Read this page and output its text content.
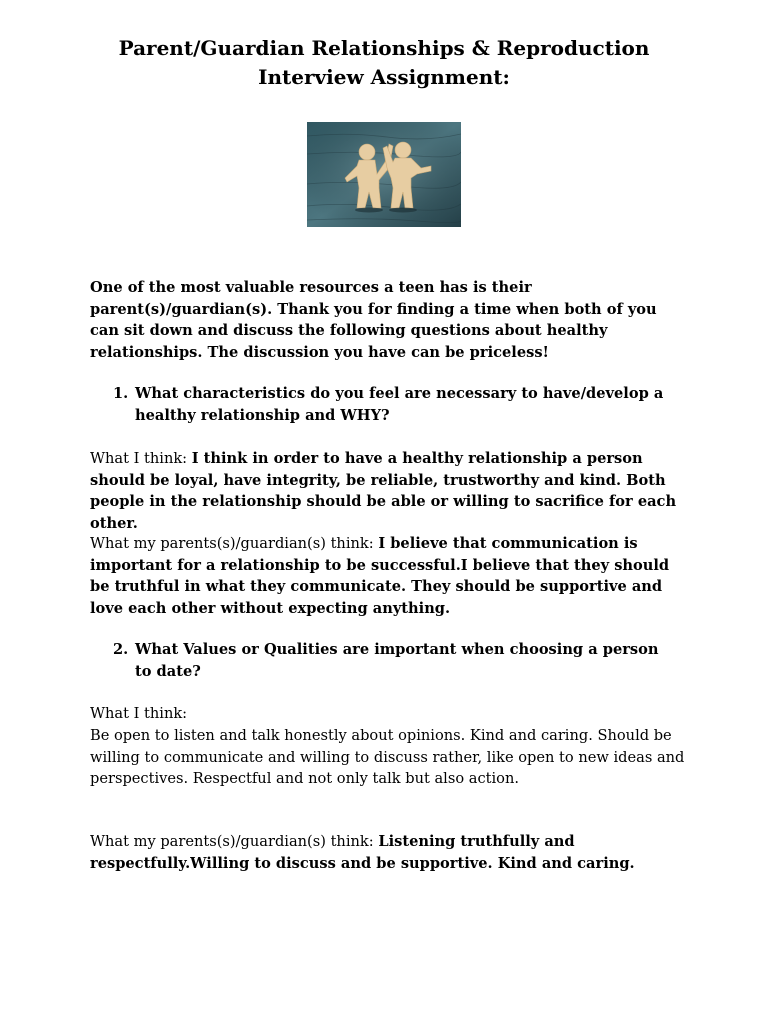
Parent/Guardian Relationships & Reproduction
Interview Assignment:
One of the most valuable resources a teen has is their parent(s)/guardian(s). Thank you for finding a time when both of you can sit down and discuss the following questions about healthy relationships. The discussion you have can be priceless!
1. What characteristics do you feel are necessary to have/develop a healthy relationship and WHY?
What I think: I think in order to have a healthy relationship a person should be loyal, have integrity, be reliable, trustworthy and kind. Both people in the relationship should be able or willing to sacrifice for each other.
What my parents(s)/guardian(s) think: I believe that communication is important for a relationship to be successful.I believe that they should be truthful in what they communicate. They should be supportive and love each other without expecting anything.
2. What Values or Qualities are important when choosing a person to date?
What I think:
Be open to listen and talk honestly about opinions. Kind and caring. Should be willing to communicate and willing to discuss rather, like open to new ideas and perspectives. Respectful and not only talk but also action.
What my parents(s)/guardian(s) think: Listening truthfully and respectfully.Willing to discuss and be supportive. Kind and caring.
